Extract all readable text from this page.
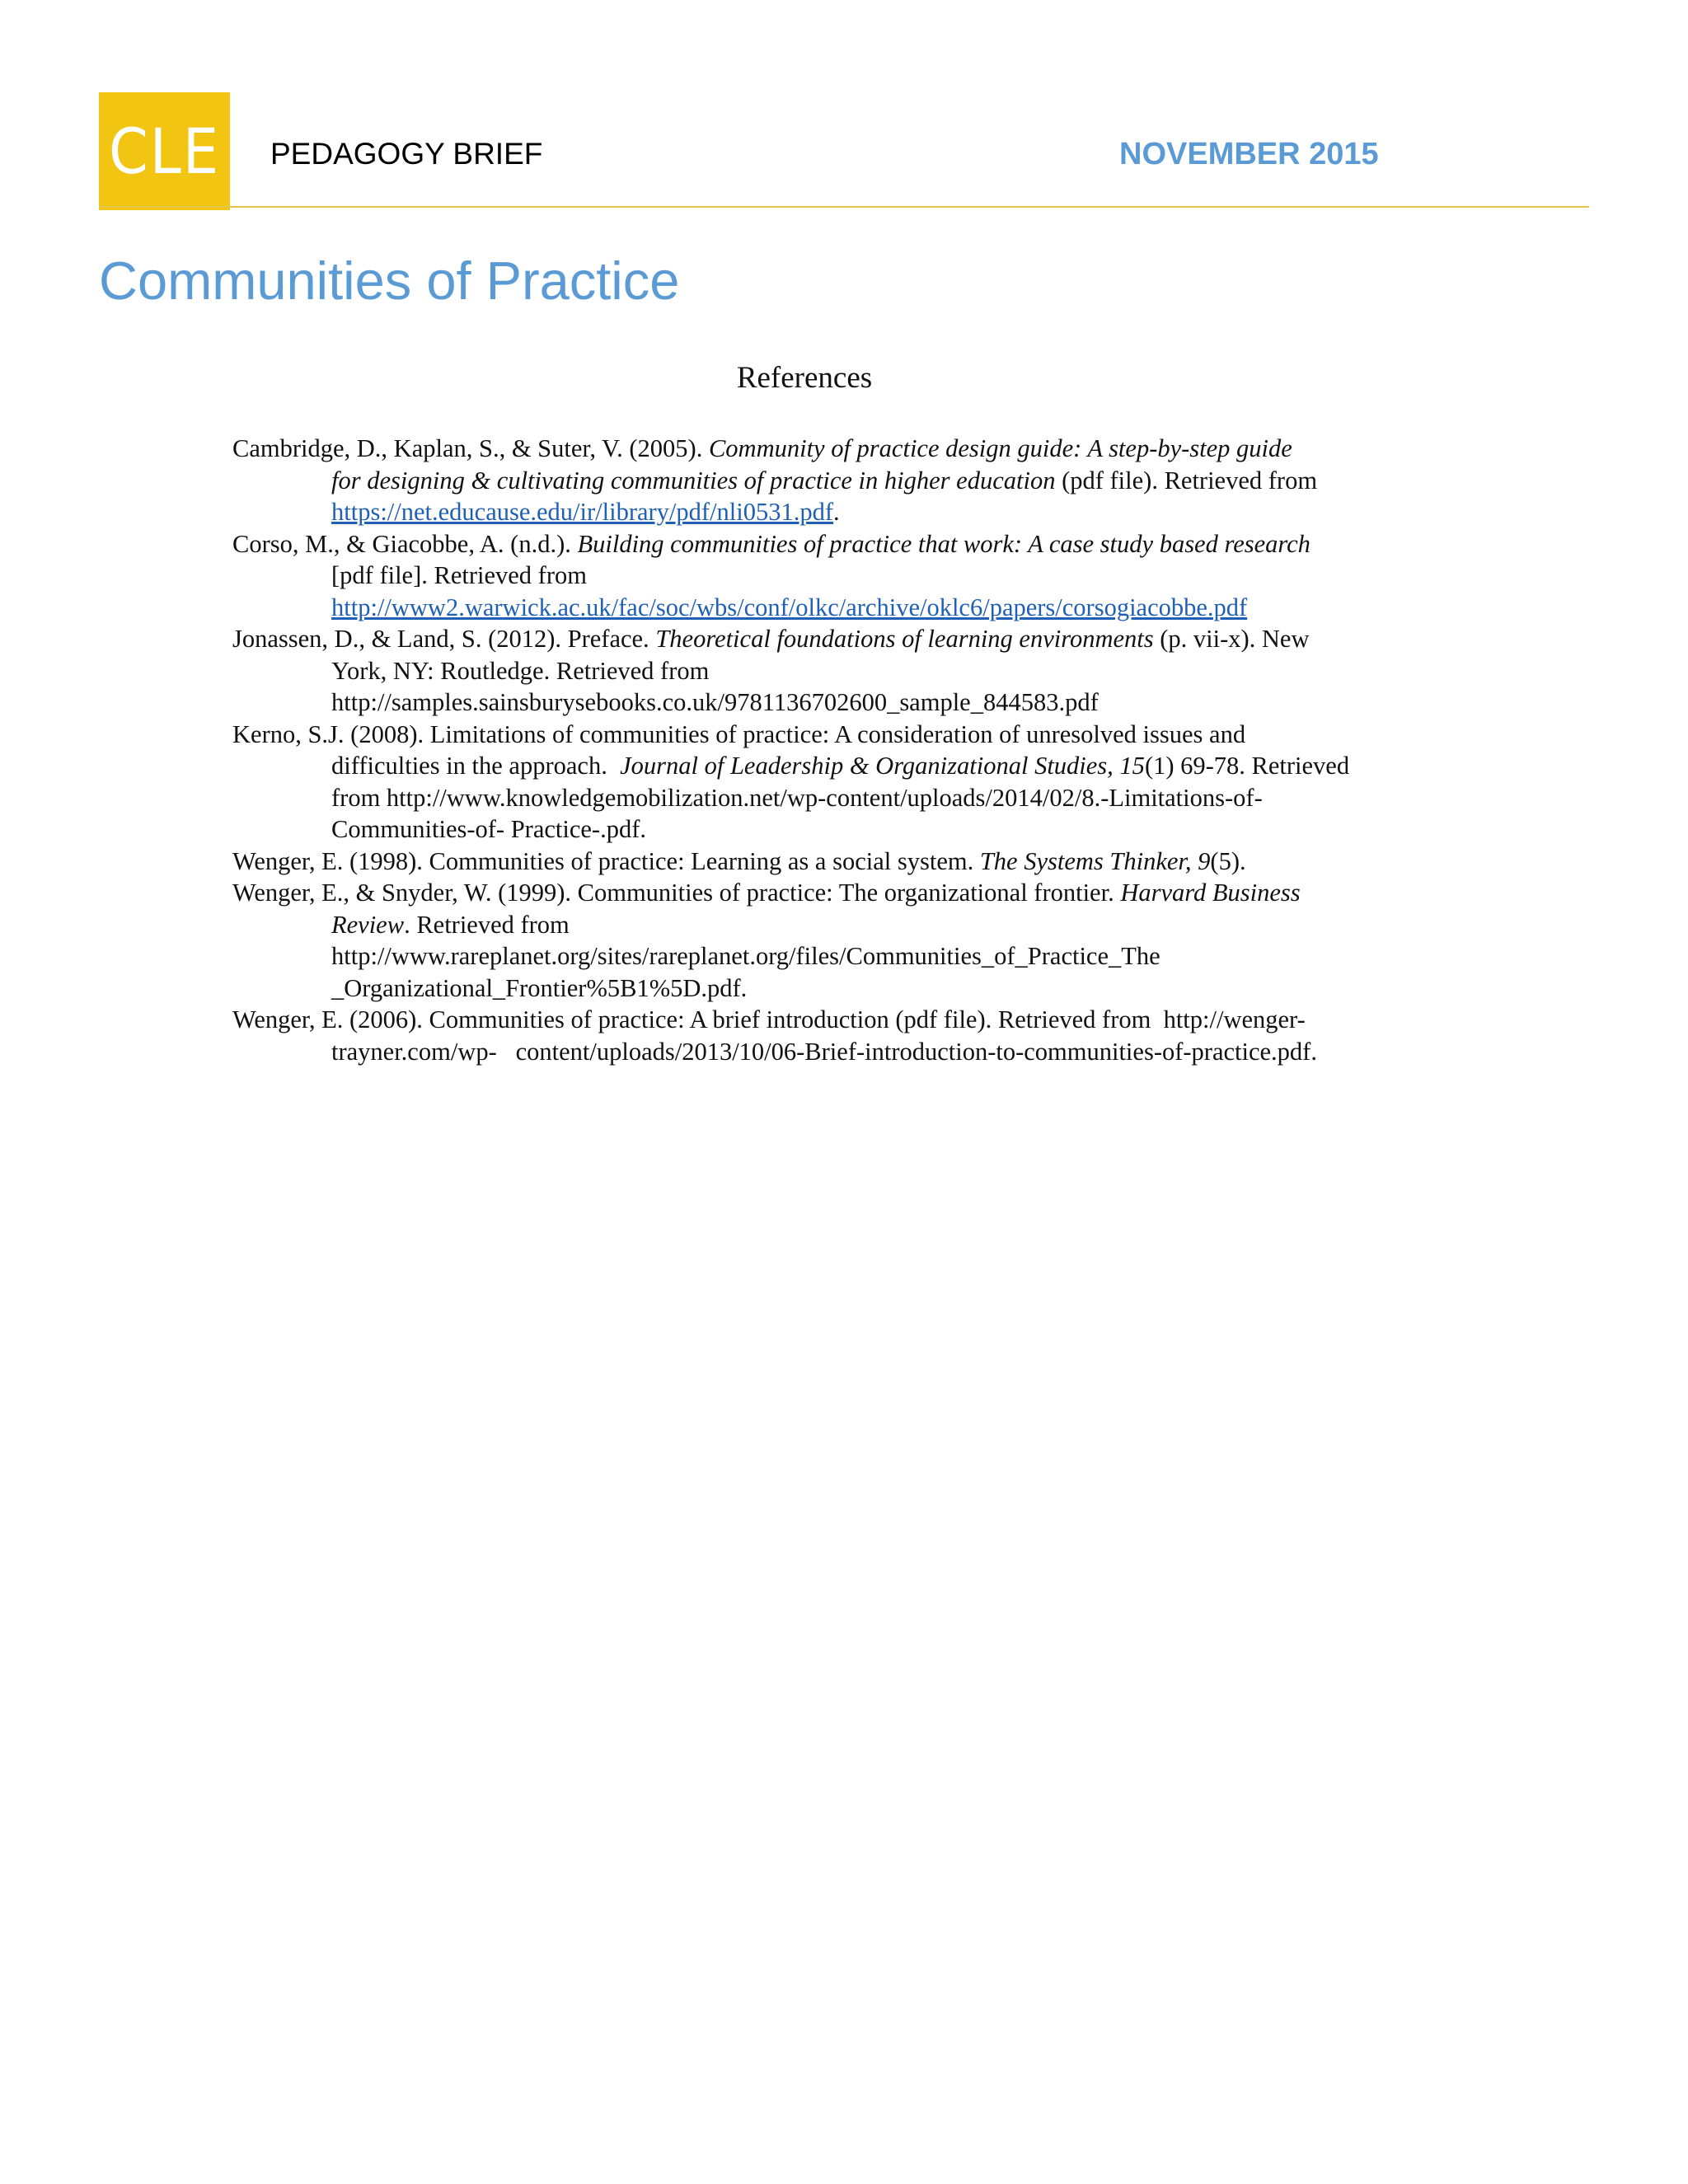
CLE PEDAGOGY BRIEF	NOVEMBER 2015
Communities of Practice
References
Cambridge, D., Kaplan, S., & Suter, V. (2005). Community of practice design guide: A step-by-step guide
for designing & cultivating communities of practice in higher education (pdf file). Retrieved from
https://net.educause.edu/ir/library/pdf/nli0531.pdf.
Corso, M., & Giacobbe, A. (n.d.). Building communities of practice that work: A case study based research
[pdf file]. Retrieved from
http://www2.warwick.ac.uk/fac/soc/wbs/conf/olkc/archive/oklc6/papers/corsogiacobbe.pdf
Jonassen, D., & Land, S. (2012). Preface. Theoretical foundations of learning environments (p. vii-x). New
York, NY: Routledge. Retrieved from
http://samples.sainsburysebooks.co.uk/9781136702600_sample_844583.pdf
Kerno, S.J. (2008). Limitations of communities of practice: A consideration of unresolved issues and
difficulties in the approach.  Journal of Leadership & Organizational Studies, 15(1) 69-78. Retrieved
from http://www.knowledgemobilization.net/wp-content/uploads/2014/02/8.-Limitations-of-
Communities-of- Practice-.pdf.
Wenger, E. (1998). Communities of practice: Learning as a social system. The Systems Thinker, 9(5).
Wenger, E., & Snyder, W. (1999). Communities of practice: The organizational frontier. Harvard Business
Review. Retrieved from
http://www.rareplanet.org/sites/rareplanet.org/files/Communities_of_Practice_The
_Organizational_Frontier%5B1%5D.pdf.
Wenger, E. (2006). Communities of practice: A brief introduction (pdf file). Retrieved from  http://wenger-
trayner.com/wp-   content/uploads/2013/10/06-Brief-introduction-to-communities-of-practice.pdf.
